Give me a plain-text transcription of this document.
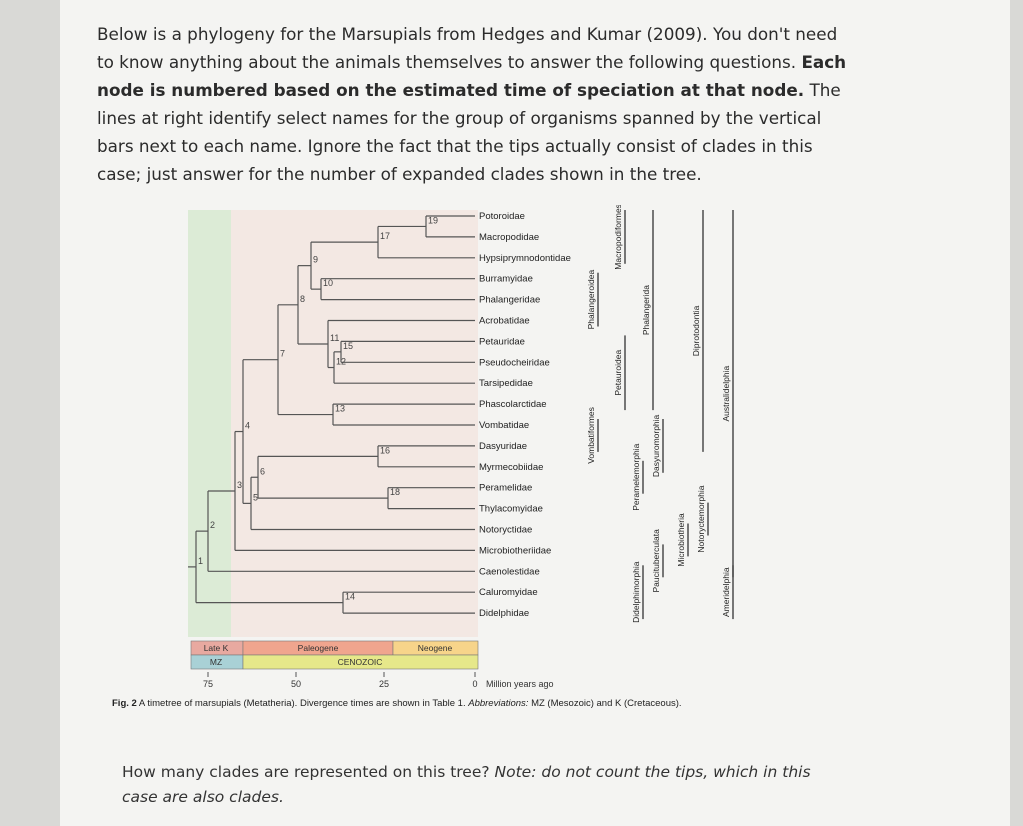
Below is a phylogeny for the Marsupials from Hedges and Kumar (2009). You don't need to know anything about the animals themselves to answer the following questions. Each node is numbered based on the estimated time of speciation at that node. The lines at right identify select names for the group of organisms spanned by the vertical bars next to each name. Ignore the fact that the tips actually consist of clades in this case; just answer for the number of expanded clades shown in the tree.
1
2
3
4
5
6
7
8
9
10
11
12
13
14
15
16
17
18
19	Potoroidae
Macropodidae
Hypsiprymnodontidae
Burramyidae
Phalangeridae
Acrobatidae
Petauridae
Pseudocheiridae
Tarsipedidae
Phascolarctidae
Vombatidae
Dasyuridae
Myrmecobiidae
Peramelidae
Thylacomyidae
Notoryctidae
Microbiotheriidae
Caenolestidae
Caluromyidae
Didelphidae
Phalangeroidea
Macropodiformes
Petauroidea
Phalangerida
Vombatiformes
Diprotodontia
Australidelphia
Peramelemorphia Dasyuromorphia
Didelphimorphia Paucituberculata Microbiotheria Notoryctemorphia
Ameridelphia
Late K	Paleogene	Neogene
MZ	CENOZOIC
75	50	25	0 Million years ago
Fig. 2 A timetree of marsupials (Metatheria). Divergence times are shown in Table 1. Abbreviations: MZ (Mesozoic) and K (Cretaceous).
How many clades are represented on this tree? Note: do not count the tips, which in this case are also clades.
